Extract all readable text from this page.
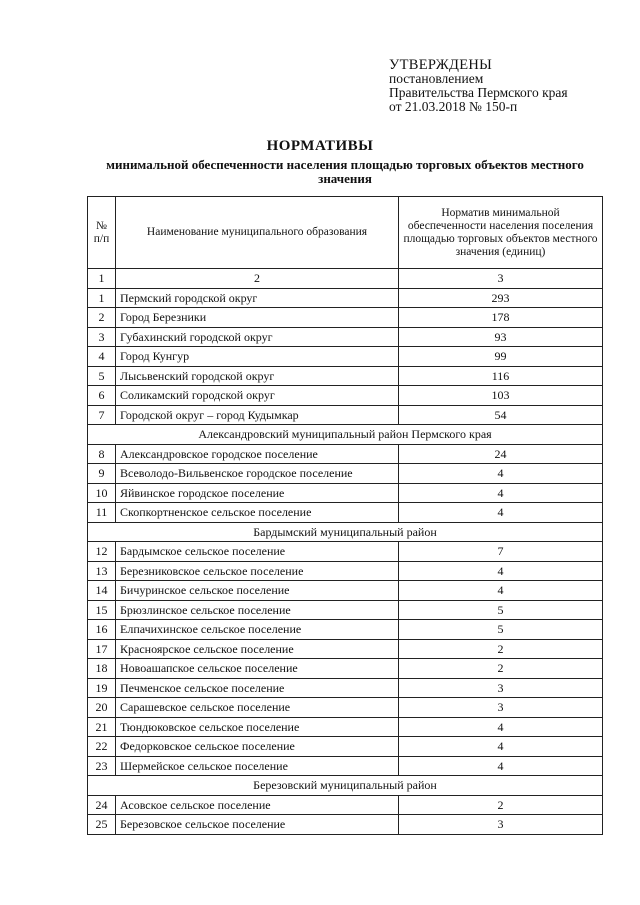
УТВЕРЖДЕНЫ
постановлением
Правительства Пермского края
от 21.03.2018 № 150-п
НОРМАТИВЫ
минимальной обеспеченности населения площадью торговых объектов местного значения
№ п/п	Наименование муниципального образования	Норматив минимальной обеспеченности населения поселения площадью торговых объектов местного значения (единиц)
1	2	3
1	Пермский городской округ	293
2	Город Березники	178
3	Губахинский городской округ	93
4	Город Кунгур	99
5	Лысьвенский городской округ	116
6	Соликамский городской округ	103
7	Городской округ – город Кудымкар	54
Александровский муниципальный район Пермского края		
8	Александровское городское поселение	24
9	Всеволодо-Вильвенское городское поселение	4
10	Яйвинское городское поселение	4
11	Скопкортненское сельское поселение	4
Бардымский муниципальный район		
12	Бардымское сельское поселение	7
13	Березниковское сельское поселение	4
14	Бичуринское сельское поселение	4
15	Брюзлинское сельское поселение	5
16	Елпачихинское сельское поселение	5
17	Красноярское сельское поселение	2
18	Новоашапское сельское поселение	2
19	Печменское сельское поселение	3
20	Сарашевское сельское поселение	3
21	Тюндюковское сельское поселение	4
22	Федорковское сельское поселение	4
23	Шермейское сельское поселение	4
Березовский муниципальный район		
24	Асовское сельское поселение	2
25	Березовское сельское поселение	3
